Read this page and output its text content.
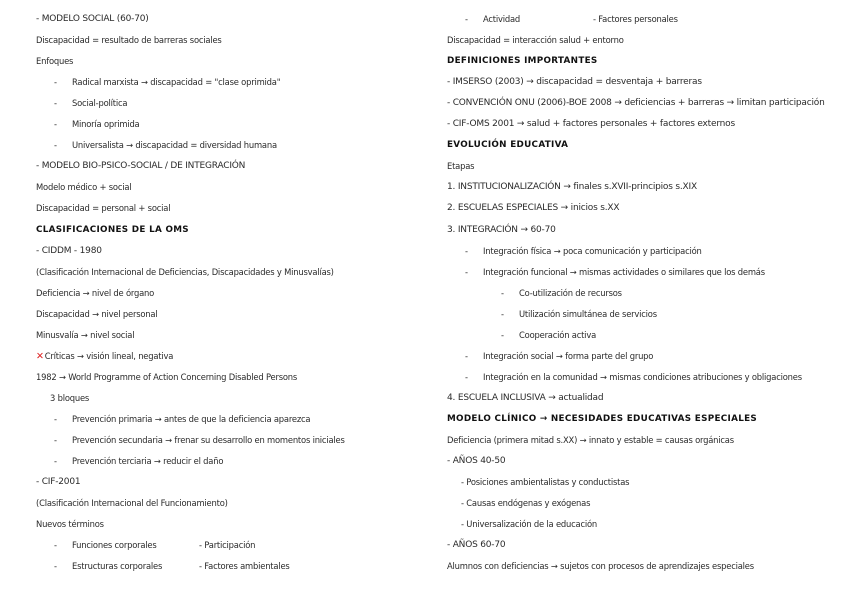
- MODELO SOCIAL (60-70)
Discapacidad = resultado de barreras sociales
Enfoques
- Radical marxista → discapacidad = "clase oprimida"
- Social-política
- Minoría oprimida
- Universalista → discapacidad = diversidad humana
- MODELO BIO-PSICO-SOCIAL / DE INTEGRACIÓN
Modelo médico + social
Discapacidad = personal + social
CLASIFICACIONES DE LA OMS
- CIDDM - 1980
(Clasificación Internacional de Deficiencias, Discapacidades y Minusvalías)
Deficiencia → nivel de órgano
Discapacidad → nivel personal
Minusvalía → nivel social
✕Críticas → visión lineal, negativa
1982 → World Programme of Action Concerning Disabled Persons
3 bloques
- Prevención primaria → antes de que la deficiencia aparezca
- Prevención secundaria → frenar su desarrollo en momentos iniciales
- Prevención terciaria → reducir el daño
- CIF-2001
(Clasificación Internacional del Funcionamiento)
Nuevos términos
- Funciones corporales	- Participación
- Estructuras corporales	- Factores ambientales
- Actividad	- Factores personales
Discapacidad = interacción salud + entorno
DEFINICIONES IMPORTANTES
- IMSERSO (2003) → discapacidad = desventaja + barreras
- CONVENCIÓN ONU (2006)-BOE 2008 → deficiencias + barreras → limitan participación
- CIF-OMS 2001 → salud + factores personales + factores externos
EVOLUCIÓN EDUCATIVA
Etapas
1. INSTITUCIONALIZACIÓN → finales s.XVII-principios s.XIX
2. ESCUELAS ESPECIALES → inicios s.XX
3. INTEGRACIÓN → 60-70
- Integración física → poca comunicación y participación
- Integración funcional → mismas actividades o similares que los demás
- Co-utilización de recursos
- Utilización simultánea de servicios
- Cooperación activa
- Integración social → forma parte del grupo
- Integración en la comunidad → mismas condiciones atribuciones y obligaciones
4. ESCUELA INCLUSIVA → actualidad
MODELO CLÍNICO → NECESIDADES EDUCATIVAS ESPECIALES
Deficiencia (primera mitad s.XX) → innato y estable = causas orgánicas
- AÑOS 40-50
- Posiciones ambientalistas y conductistas
- Causas endógenas y exógenas
- Universalización de la educación
- AÑOS 60-70
Alumnos con deficiencias → sujetos con procesos de aprendizajes especiales
